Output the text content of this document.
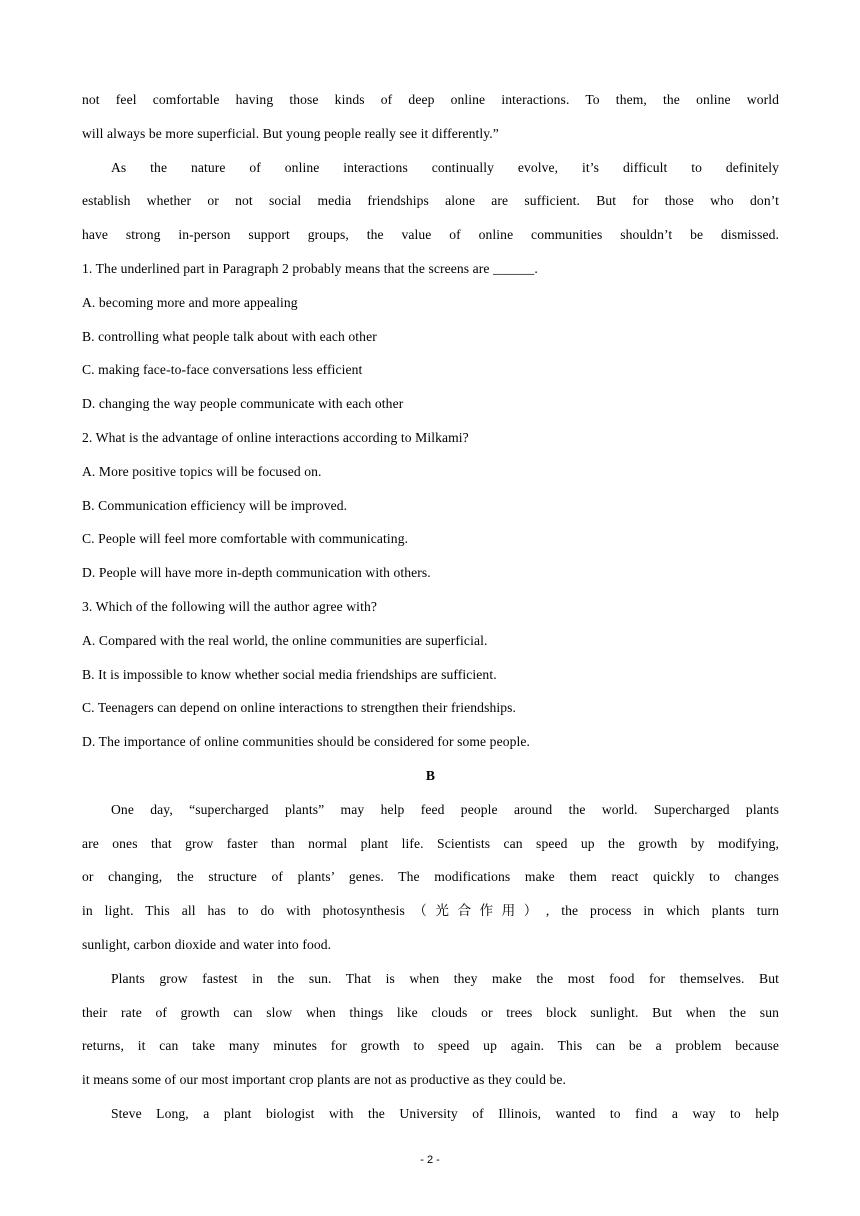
not feel comfortable having those kinds of deep online interactions. To them, the online world
will always be more superficial. But young people really see it differently.”
As the nature of online interactions continually evolve, it’s difficult to definitely
establish whether or not social media friendships alone are sufficient. But for those who don’t
have strong in-person support groups, the value of online communities shouldn’t be dismissed.
1. The underlined part in Paragraph 2 probably means that the screens are ______.
A. becoming more and more appealing
B. controlling what people talk about with each other
C. making face-to-face conversations less efficient
D. changing the way people communicate with each other
2. What is the advantage of online interactions according to Milkami?
A. More positive topics will be focused on.
B. Communication efficiency will be improved.
C. People will feel more comfortable with communicating.
D. People will have more in-depth communication with others.
3. Which of the following will the author agree with?
A. Compared with the real world, the online communities are superficial.
B. It is impossible to know whether social media friendships are sufficient.
C. Teenagers can depend on online interactions to strengthen their friendships.
D. The importance of online communities should be considered for some people.
B
One day, “supercharged plants” may help feed people around the world. Supercharged plants
are ones that grow faster than normal plant life. Scientists can speed up the growth by modifying,
or changing, the structure of plants’ genes. The modifications make them react quickly to changes
in light. This all has to do with photosynthesis（光合作用）, the process in which plants turn
sunlight, carbon dioxide and water into food.
Plants grow fastest in the sun. That is when they make the most food for themselves. But
their rate of growth can slow when things like clouds or trees block sunlight. But when the sun
returns, it can take many minutes for growth to speed up again. This can be a problem because
it means some of our most important crop plants are not as productive as they could be.
Steve Long, a plant biologist with the University of Illinois, wanted to find a way to help
- 2 -
